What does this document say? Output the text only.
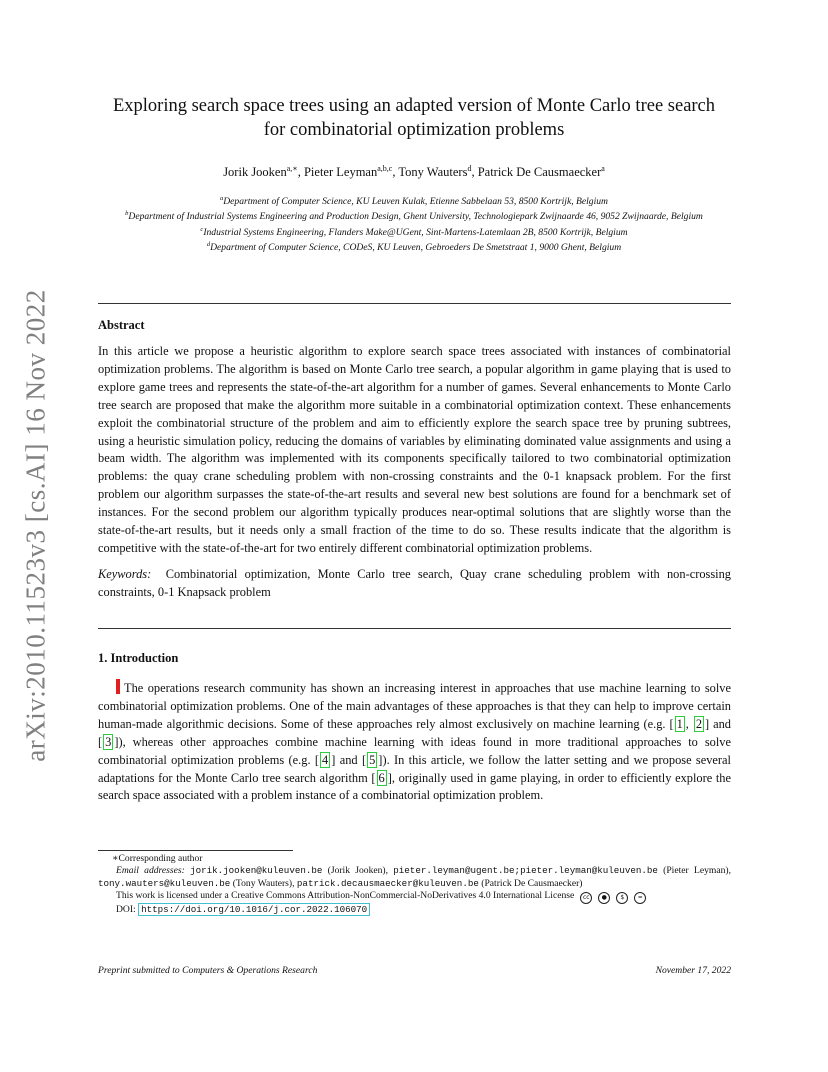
arXiv:2010.11523v3 [cs.AI] 16 Nov 2022
Exploring search space trees using an adapted version of Monte Carlo tree search
for combinatorial optimization problems
Jorik Jooken$^{a,∗}$, Pieter Leyman$^{a,b,c}$, Tony Wauters$^d$, Patrick De Causmaecker$^a$
$^a$Department of Computer Science, KU Leuven Kulak, Etienne Sabbelaan 53, 8500 Kortrijk, Belgium
$^b$Department of Industrial Systems Engineering and Production Design, Ghent University, Technologiepark Zwijnaarde 46, 9052 Zwijnaarde, Belgium
$^c$Industrial Systems Engineering, Flanders Make@UGent, Sint-Martens-Latemlaan 2B, 8500 Kortrijk, Belgium
$^d$Department of Computer Science, CODeS, KU Leuven, Gebroeders De Smetstraat 1, 9000 Ghent, Belgium
Abstract

In this article we propose a heuristic algorithm to explore search space trees associated with instances of combinatorial optimization problems. The algorithm is based on Monte Carlo tree search, a popular algorithm in game playing that is used to explore game trees and represents the state-of-the-art algorithm for a number of games. Several enhancements to Monte Carlo tree search are proposed that make the algorithm more suitable in a combinatorial optimization context. These enhancements exploit the combinatorial structure of the problem and aim to efficiently explore the search space tree by pruning subtrees, using a heuristic simulation policy, reducing the domains of variables by eliminating dominated value assignments and using a beam width. The algorithm was implemented with its components specifically tailored to two combinatorial optimization problems: the quay crane scheduling problem with non-crossing constraints and the 0-1 knapsack problem. For the first problem our algorithm surpasses the state-of-the-art results and several new best solutions are found for a benchmark set of instances. For the second problem our algorithm typically produces near-optimal solutions that are slightly worse than the state-of-the-art results, but it needs only a small fraction of the time to do so. These results indicate that the algorithm is competitive with the state-of-the-art for two entirely different combinatorial optimization problems.

Keywords: Combinatorial optimization, Monte Carlo tree search, Quay crane scheduling problem with non-crossing constraints, 0-1 Knapsack problem

1. Introduction

The operations research community has shown an increasing interest in approaches that use machine learning to solve combinatorial optimization problems. One of the main advantages of these approaches is that they can help to improve certain human-made algorithmic decisions. Some of these approaches rely almost exclusively on machine learning (e.g. [ 1 , 2 ] and [ 3 ]), whereas other approaches combine machine learning with ideas found in more traditional approaches to solve combinatorial optimization problems (e.g. [ 4 ] and [ 5 ]). In this article, we follow the latter setting and we propose several adaptations for the Monte Carlo tree search algorithm [ 6 ], originally used in game playing, in order to efficiently explore the search space associated with a problem instance of a combinatorial optimization problem.

∗Corresponding author
Email addresses: jorik.jooken@kuleuven.be (Jorik Jooken), pieter.leyman@ugent.be;pieter.leyman@kuleuven.be (Pieter Leyman), tony.wauters@kuleuven.be (Tony Wauters), patrick.decausmaecker@kuleuven.be (Patrick De Causmaecker)
This work is licensed under a Creative Commons Attribution-NonCommercial-NoDerivatives 4.0 International License cc ● $ =
DOI: https://doi.org/10.1016/j.cor.2022.106070
Preprint submitted to Computers & Operations Research	November 17, 2022
